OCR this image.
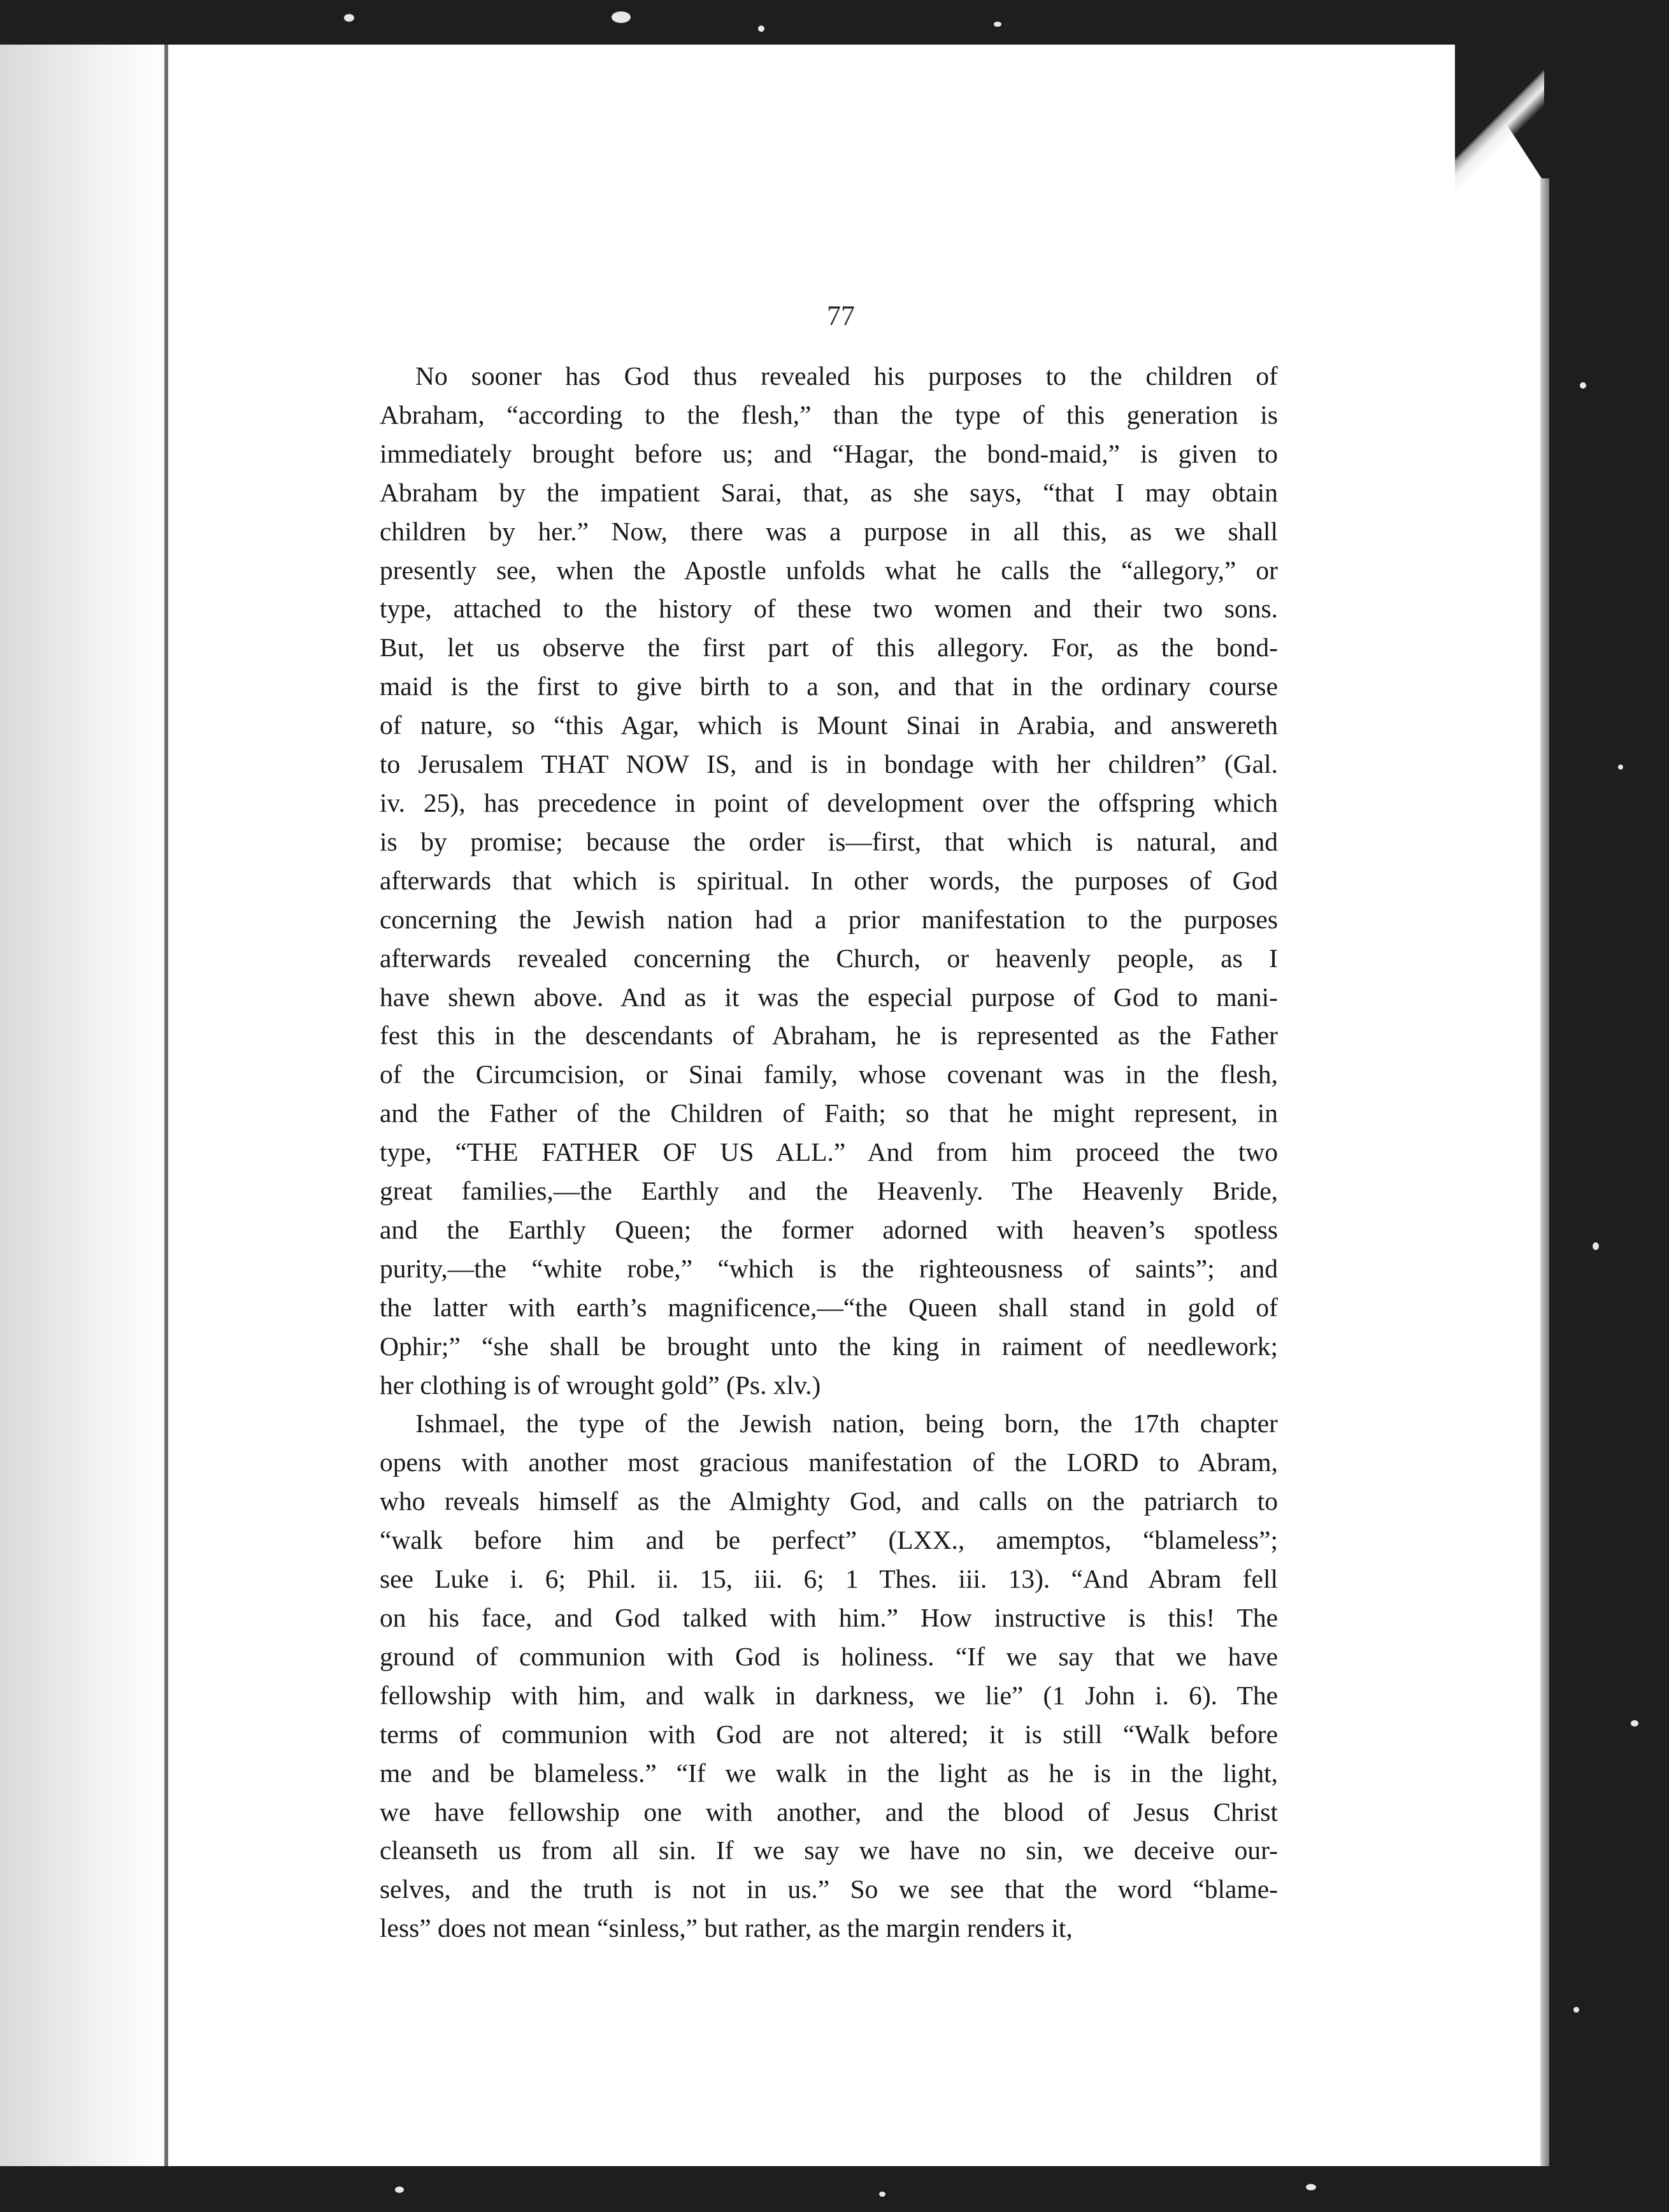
77

No sooner has God thus revealed his purposes to the children of
Abraham, “according to the flesh,” than the type of this generation is
immediately brought before us; and “Hagar, the bond-maid,” is given to
Abraham by the impatient Sarai, that, as she says, “that I may obtain
children by her.” Now, there was a purpose in all this, as we shall
presently see, when the Apostle unfolds what he calls the “allegory,” or
type, attached to the history of these two women and their two sons.
But, let us observe the first part of this allegory. For, as the bond-
maid is the first to give birth to a son, and that in the ordinary course
of nature, so “this Agar, which is Mount Sinai in Arabia, and answereth
to Jerusalem THAT NOW IS, and is in bondage with her children” (Gal.
iv. 25), has precedence in point of development over the offspring which
is by promise; because the order is—first, that which is natural, and
afterwards that which is spiritual. In other words, the purposes of God
concerning the Jewish nation had a prior manifestation to the purposes
afterwards revealed concerning the Church, or heavenly people, as I
have shewn above. And as it was the especial purpose of God to mani-
fest this in the descendants of Abraham, he is represented as the Father
of the Circumcision, or Sinai family, whose covenant was in the flesh,
and the Father of the Children of Faith; so that he might represent, in
type, “THE FATHER OF US ALL.” And from him proceed the two
great families,—the Earthly and the Heavenly. The Heavenly Bride,
and the Earthly Queen; the former adorned with heaven’s spotless
purity,—the “white robe,” “which is the righteousness of saints”; and
the latter with earth’s magnificence,—“the Queen shall stand in gold of
Ophir;” “she shall be brought unto the king in raiment of needlework;
her clothing is of wrought gold” (Ps. xlv.)

Ishmael, the type of the Jewish nation, being born, the 17th chapter
opens with another most gracious manifestation of the LORD to Abram,
who reveals himself as the Almighty God, and calls on the patriarch to
“walk before him and be perfect” (LXX., amemptos, “blameless”;
see Luke i. 6; Phil. ii. 15, iii. 6; 1 Thes. iii. 13). “And Abram fell
on his face, and God talked with him.” How instructive is this! The
ground of communion with God is holiness. “If we say that we have
fellowship with him, and walk in darkness, we lie” (1 John i. 6). The
terms of communion with God are not altered; it is still “Walk before
me and be blameless.” “If we walk in the light as he is in the light,
we have fellowship one with another, and the blood of Jesus Christ
cleanseth us from all sin. If we say we have no sin, we deceive our-
selves, and the truth is not in us.” So we see that the word “blame-
less” does not mean “sinless,” but rather, as the margin renders it,
